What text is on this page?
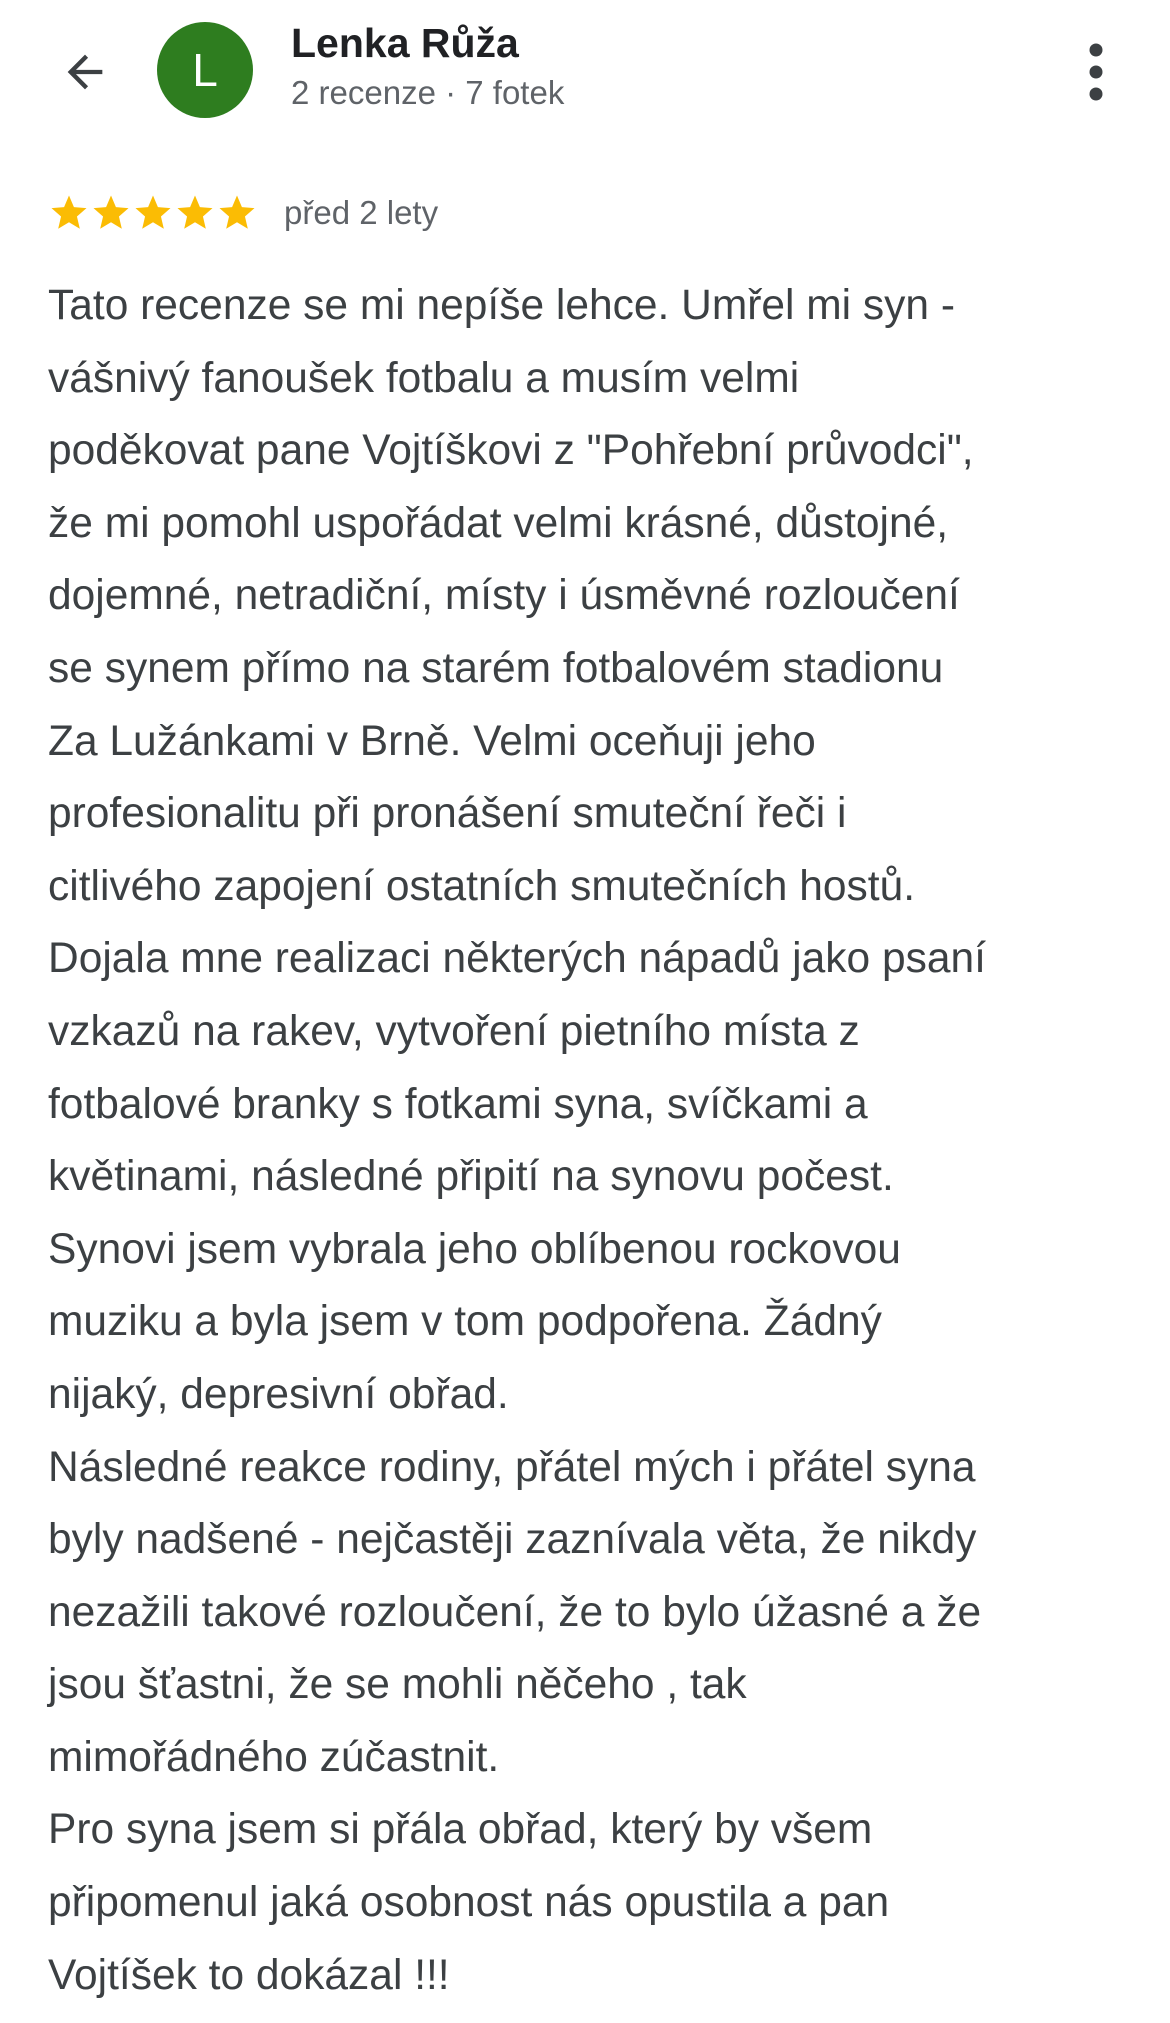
L
Lenka Růža
2 recenze · 7 fotek
před 2 lety
Tato recenze se mi nepíše lehce. Umřel mi syn -
vášnivý fanoušek fotbalu a musím velmi
poděkovat pane Vojtíškovi z "Pohřební průvodci",
že mi pomohl uspořádat velmi krásné, důstojné,
dojemné, netradiční, místy i úsměvné rozloučení
se synem přímo na starém fotbalovém stadionu
Za Lužánkami v Brně. Velmi oceňuji jeho
profesionalitu při pronášení smuteční řeči i
citlivého zapojení ostatních smutečních hostů.
Dojala mne realizaci některých nápadů jako psaní
vzkazů na rakev, vytvoření pietního místa z
fotbalové branky s fotkami syna, svíčkami a
květinami, následné připití na synovu počest.
Synovi jsem vybrala jeho oblíbenou rockovou
muziku a byla jsem v tom podpořena. Žádný
nijaký, depresivní obřad.
Následné reakce rodiny, přátel mých i přátel syna
byly nadšené - nejčastěji zaznívala věta, že nikdy
nezažili takové rozloučení, že to bylo úžasné a že
jsou šťastni, že se mohli něčeho , tak
mimořádného zúčastnit.
Pro syna jsem si přála obřad, který by všem
připomenul jaká osobnost nás opustila a pan
Vojtíšek to dokázal !!!
